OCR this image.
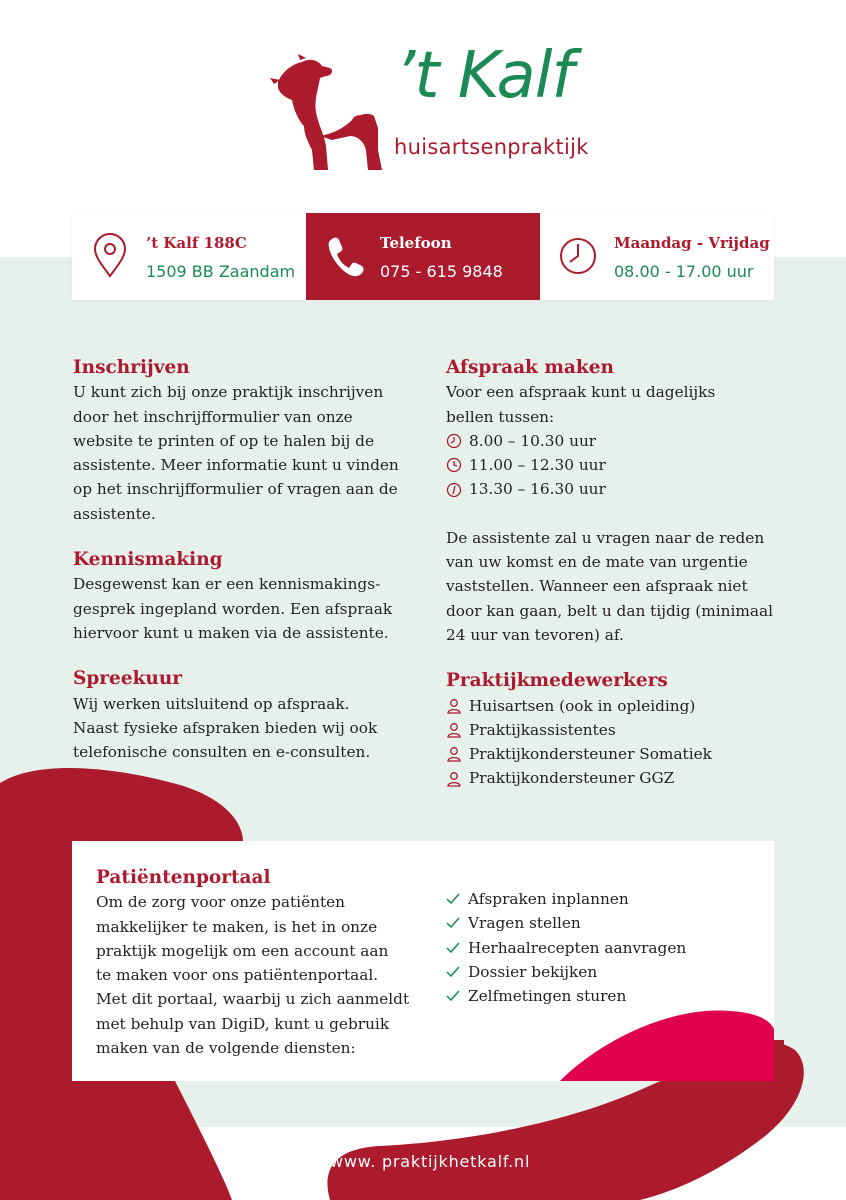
’t Kalf
huisartsenpraktijk
’t Kalf 188C
1509 BB Zaandam
Telefoon
075 - 615 9848
Maandag - Vrijdag
08.00 - 17.00 uur
Inschrijven

U kunt zich bij onze praktijk inschrijven

door het inschrijfformulier van onze

website te printen of op te halen bij de

assistente. Meer informatie kunt u vinden

op het inschrijfformulier of vragen aan de

assistente.

Kennismaking

Desgewenst kan er een kennismakings-

gesprek ingepland worden. Een afspraak

hiervoor kunt u maken via de assistente.

Spreekuur

Wij werken uitsluitend op afspraak.

Naast fysieke afspraken bieden wij ook

telefonische consulten en e-consulten.

Afspraak maken

Voor een afspraak kunt u dagelijks

bellen tussen:

8.00 – 10.30 uur
11.00 – 12.30 uur
13.30 – 16.30 uur

De assistente zal u vragen naar de reden

van uw komst en de mate van urgentie

vaststellen. Wanneer een afspraak niet

door kan gaan, belt u dan tijdig (minimaal

24 uur van tevoren) af.

Praktijkmedewerkers
Huisartsen (ook in opleiding)
Praktijkassistentes
Praktijkondersteuner Somatiek
Praktijkondersteuner GGZ
Patiëntenportaal

Om de zorg voor onze patiënten

makkelijker te maken, is het in onze

praktijk mogelijk om een account aan

te maken voor ons patiëntenportaal.

Met dit portaal, waarbij u zich aanmeldt

met behulp van DigiD, kunt u gebruik

maken van de volgende diensten:

Afspraken inplannen
Vragen stellen
Herhaalrecepten aanvragen
Dossier bekijken
Zelfmetingen sturen
www. praktijkhetkalf.nl
